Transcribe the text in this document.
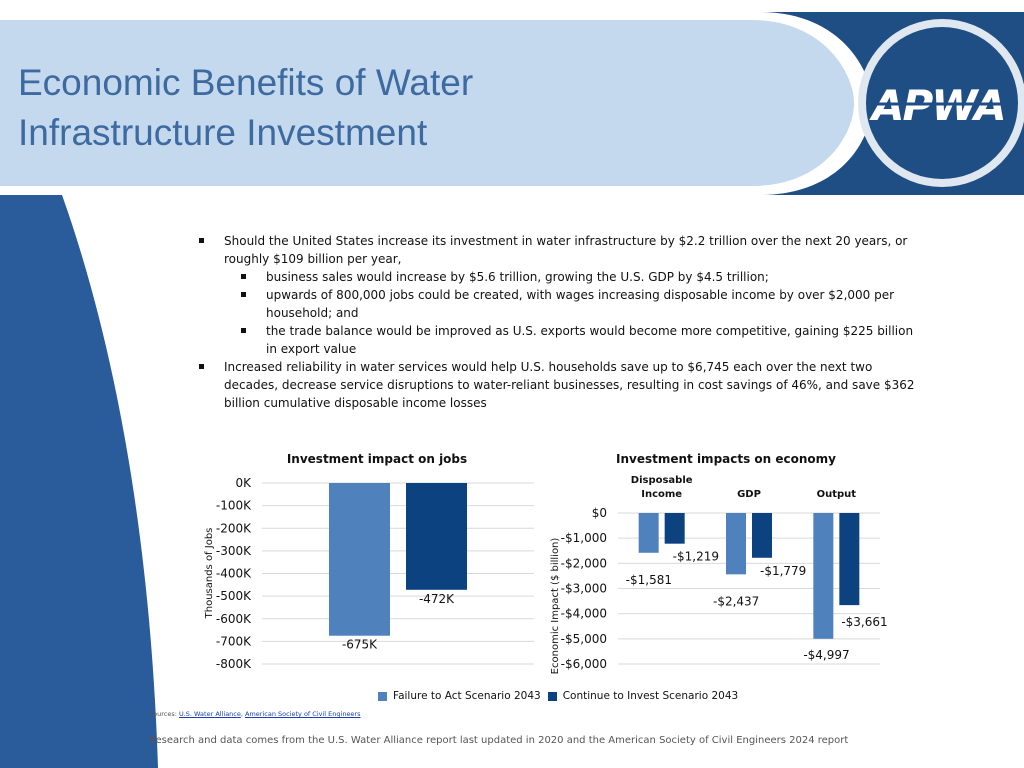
Economic Benefits of Water
Infrastructure Investment
APWA
Should the United States increase its investment in water infrastructure by $2.2 trillion over the next 20 years, or roughly $109 billion per year,
business sales would increase by $5.6 trillion, growing the U.S. GDP by $4.5 trillion;
upwards of 800,000 jobs could be created, with wages increasing disposable income by over $2,000 per household; and
the trade balance would be improved as U.S. exports would become more competitive, gaining $225 billion in export value
Increased reliability in water services would help U.S. households save up to $6,745 each over the next two decades, decrease service disruptions to water-reliant businesses, resulting in cost savings of 46%, and save $362 billion cumulative disposable income losses
Investment impact on jobs	Investment impacts on economy
0K
-100K
-200K
-300K
-400K
-500K
-600K
-700K
-800K
Thousands of Jobs
-675K
-472K
$0
-$1,000
-$2,000
-$3,000
-$4,000
-$5,000
-$6,000
Economic Impact ($ billion)
Disposable
Income	GDP	Output
-$1,581
-$1,219
-$2,437
-$1,779
-$4,997
-$3,661
Failure to Act Scenario 2043 Continue to Invest Scenario 2043
Sources: U.S. Water Alliance, American Society of Civil Engineers
Research and data comes from the U.S. Water Alliance report last updated in 2020 and the American Society of Civil Engineers 2024 report
